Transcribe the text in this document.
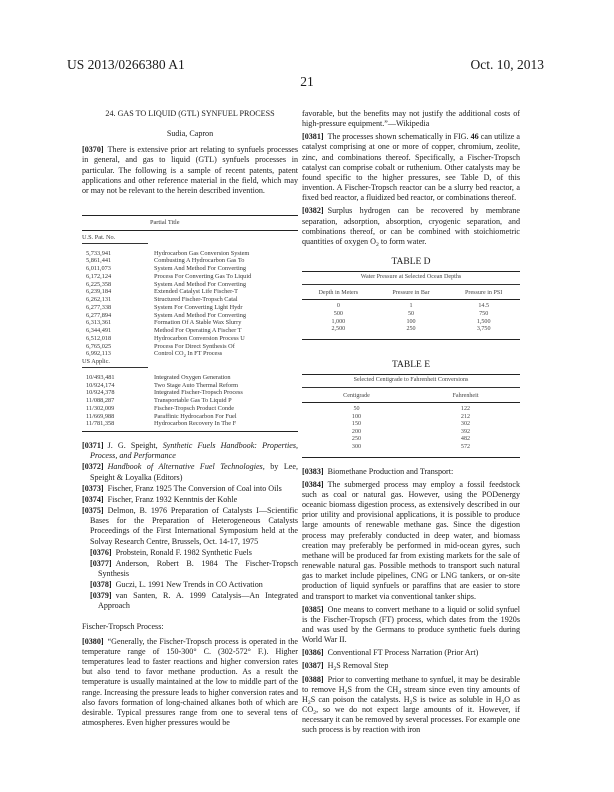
US 2013/0266380 A1	Oct. 10, 2013
21
24. GAS TO LIQUID (GTL) SYNFUEL PROCESS
Sudia, Capron

[0370] There is extensive prior art relating to synfuels processes in general, and gas to liquid (GTL) synfuels processes in particular. The following is a sample of recent patents, patent applications and other reference material in the field, which may or may not be relevant to the herein described invention.

Partial Title
U.S. Pat. No.
5,733,941	Hydrocarbon Gas Conversion System
5,861,441	Combusting A Hydrocarbon Gas To
6,011,073	System And Method For Converting
6,172,124	Process For Converting Gas To Liquid
6,225,358	System And Method For Converting
6,239,184	Extended Catalyst Life Fischer-T
6,262,131	Structured Fischer-Tropsch Catal
6,277,338	System For Converting Light Hydr
6,277,894	System And Method For Converting
6,313,361	Formation Of A Stable Wax Slurry
6,344,491	Method For Operating A Fischer T
6,512,018	Hydrocarbon Conversion Process U
6,765,025	Process For Direct Synthesis Of
6,992,113	Control $CO_2$ In FT Process
US Applic.
10/493,481	Integrated Oxygen Generation
10/924,174	Two Stage Auto Thermal Reform
10/924,378	Integrated Fischer-Tropsch Process
11/088,287	Transportable Gas To Liquid P
11/302,009	Fischer-Tropsch Product Conde
11/669,988	Paraffinic Hydrocarbon For Fuel
11/781,358	Hydrocarbon Recovery In The F

[0371] J. G. Speight, Synthetic Fuels Handbook: Properties, Process, and Performance

[0372] Handbook of Alternative Fuel Technologies, by Lee, Speight & Loyalka (Editors)

[0373] Fischer, Franz 1925 The Conversion of Coal into Oils

[0374] Fischer, Franz 1932 Kenntnis der Kohle

[0375] Delmon, B. 1976 Preparation of Catalysts I—Scientific Bases for the Preparation of Heterogeneous Catalysts Proceedings of the First International Symposium held at the Solvay Research Centre, Brussels, Oct. 14-17, 1975

[0376] Probstein, Ronald F. 1982 Synthetic Fuels

[0377] Anderson, Robert B. 1984 The Fischer-Tropsch Synthesis

[0378] Guczi, L. 1991 New Trends in CO Activation

[0379] van Santen, R. A. 1999 Catalysis—An Integrated Approach

Fischer-Tropsch Process:

[0380] “Generally, the Fischer-Tropsch process is operated in the temperature range of 150-300° C. (302-572° F.). Higher temperatures lead to faster reactions and higher conversion rates but also tend to favor methane production. As a result the temperature is usually maintained at the low to middle part of the range. Increasing the pressure leads to higher conversion rates and also favors formation of long-chained alkanes both of which are desirable. Typical pressures range from one to several tens of atmospheres. Even higher pressures would be

favorable, but the benefits may not justify the additional costs of high-pressure equipment.”—Wikipedia

[0381] The processes shown schematically in FIG. 46 can utilize a catalyst comprising at one or more of copper, chromium, zeolite, zinc, and combinations thereof. Specifically, a Fischer-Tropsch catalyst can comprise cobalt or ruthenium. Other catalysts may be found specific to the higher pressures, see Table D, of this invention. A Fischer-Tropsch reactor can be a slurry bed reactor, a fixed bed reactor, a fluidized bed reactor, or combinations thereof.

[0382] Surplus hydrogen can be recovered by membrane separation, adsorption, absorption, cryogenic separation, and combinations thereof, or can be combined with stoichiometric quantities of oxygen $O_2$ to form water.

TABLE D
Water Pressure at Selected Ocean Depths
Depth in Meters	Pressure in Bar	Pressure in PSI
0	1	14.5
500	50	750
1,000	100	1,500
2,500	250	3,750
TABLE E
Selected Centigrade to Fahrenheit Conversions
Centigrade	Fahrenheit
50	122
100	212
150	302
200	392
250	482
300	572

[0383] Biomethane Production and Transport:

[0384] The submerged process may employ a fossil feedstock such as coal or natural gas. However, using the PODenergy oceanic biomass digestion process, as extensively described in our prior utility and provisional applications, it is possible to produce large amounts of renewable methane gas. Since the digestion process may preferably conducted in deep water, and biomass creation may preferably be performed in mid-ocean gyres, such methane will be produced far from existing markets for the sale of renewable natural gas. Possible methods to transport such natural gas to market include pipelines, CNG or LNG tankers, or on-site production of liquid synfuels or paraffins that are easier to store and transport to market via conventional tanker ships.

[0385] One means to convert methane to a liquid or solid synfuel is the Fischer-Tropsch (FT) process, which dates from the 1920s and was used by the Germans to produce synthetic fuels during World War II.

[0386] Conventional FT Process Narration (Prior Art)

[0387] $H_2S$ Removal Step

[0388] Prior to converting methane to synfuel, it may be desirable to remove $H_2S$ from the $CH_4$ stream since even tiny amounts of $H_2S$ can poison the catalysts. $H_2S$ is twice as soluble in $H_2O$ as $CO_2$, so we do not expect large amounts of it. However, if necessary it can be removed by several processes. For example one such process is by reaction with iron
